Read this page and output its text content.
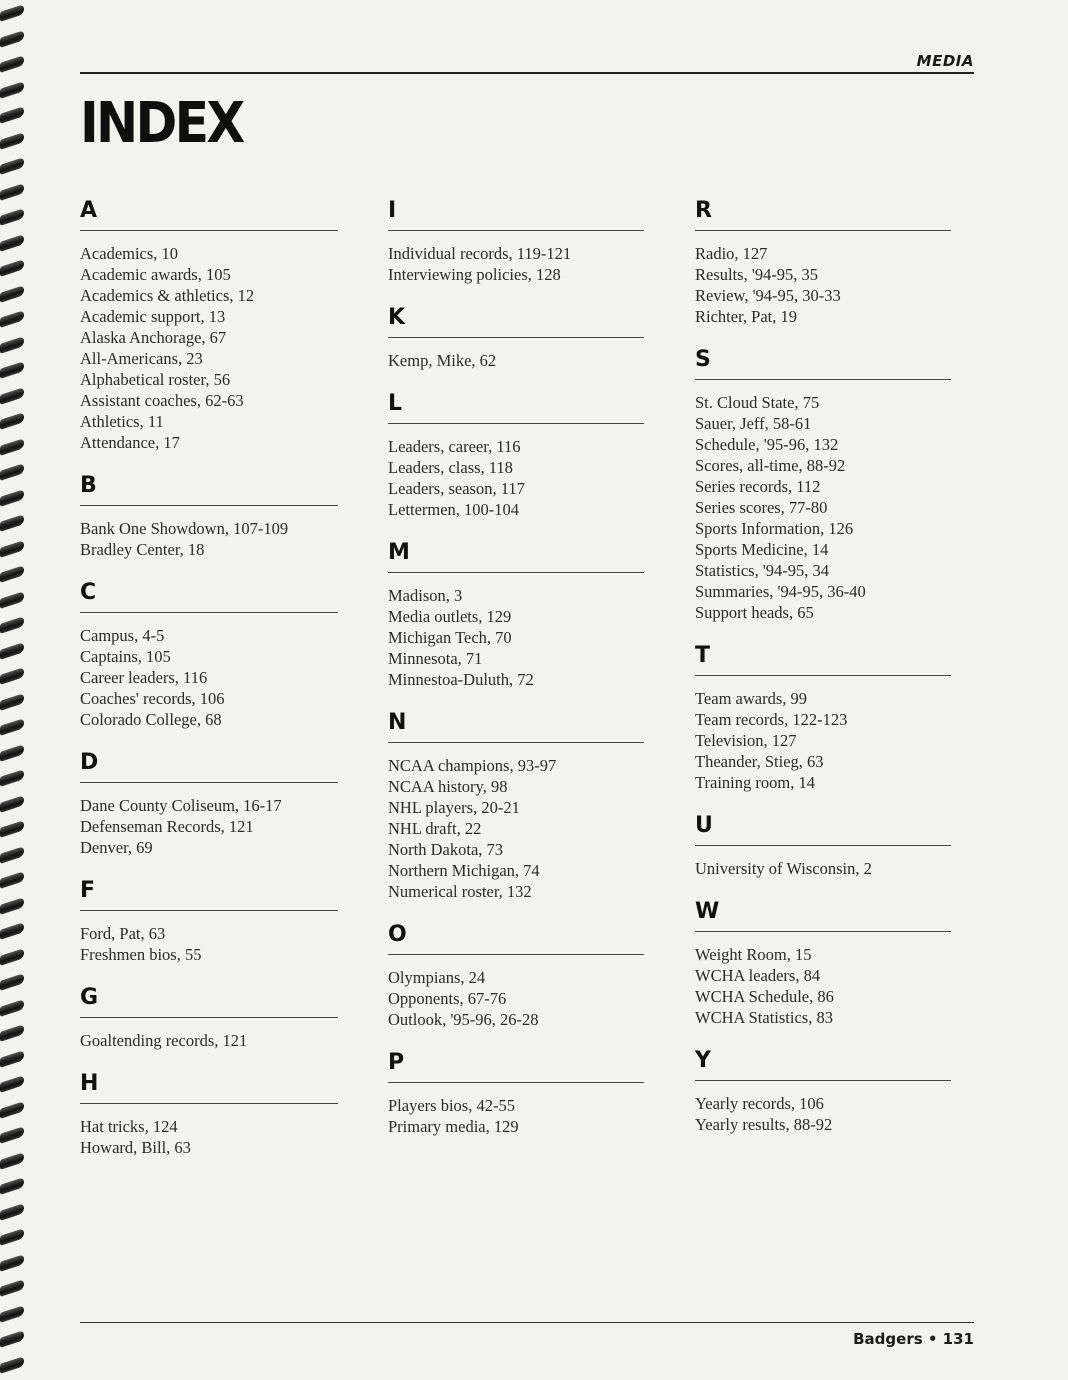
MEDIA
INDEX
A
Academics, 10
Academic awards, 105
Academics & athletics, 12
Academic support, 13
Alaska Anchorage, 67
All-Americans, 23
Alphabetical roster, 56
Assistant coaches, 62-63
Athletics, 11
Attendance, 17
B
Bank One Showdown, 107-109
Bradley Center, 18
C
Campus, 4-5
Captains, 105
Career leaders, 116
Coaches' records, 106
Colorado College, 68
D
Dane County Coliseum, 16-17
Defenseman Records, 121
Denver, 69
F
Ford, Pat, 63
Freshmen bios, 55
G
Goaltending records, 121
H
Hat tricks, 124
Howard, Bill, 63
I
Individual records, 119-121
Interviewing policies, 128
K
Kemp, Mike, 62
L
Leaders, career, 116
Leaders, class, 118
Leaders, season, 117
Lettermen, 100-104
M
Madison, 3
Media outlets, 129
Michigan Tech, 70
Minnesota, 71
Minnestoa-Duluth, 72
N
NCAA champions, 93-97
NCAA history, 98
NHL players, 20-21
NHL draft, 22
North Dakota, 73
Northern Michigan, 74
Numerical roster, 132
O
Olympians, 24
Opponents, 67-76
Outlook, '95-96, 26-28
P
Players bios, 42-55
Primary media, 129
R
Radio, 127
Results, '94-95, 35
Review, '94-95, 30-33
Richter, Pat, 19
S
St. Cloud State, 75
Sauer, Jeff, 58-61
Schedule, '95-96, 132
Scores, all-time, 88-92
Series records, 112
Series scores, 77-80
Sports Information, 126
Sports Medicine, 14
Statistics, '94-95, 34
Summaries, '94-95, 36-40
Support heads, 65
T
Team awards, 99
Team records, 122-123
Television, 127
Theander, Stieg, 63
Training room, 14
U
University of Wisconsin, 2
W
Weight Room, 15
WCHA leaders, 84
WCHA Schedule, 86
WCHA Statistics, 83
Y
Yearly records, 106
Yearly results, 88-92
Badgers • 131
